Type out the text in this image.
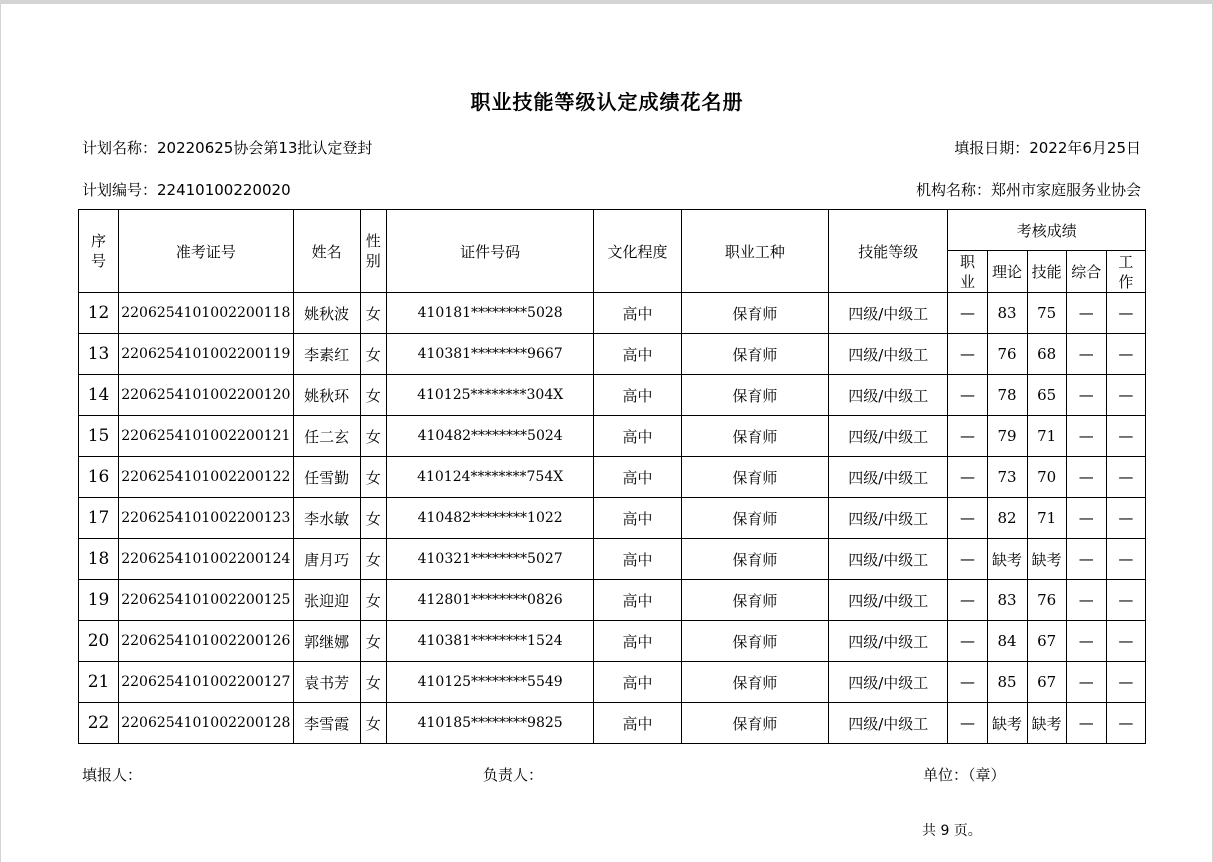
职业技能等级认定成绩花名册
计划名称：20220625协会第13批认定登封	填报日期：2022年6月25日
计划编号：22410100220020	机构名称：郑州市家庭服务业协会
序号	准考证号	姓名	性别	证件号码	文化程度	职业工种	技能等级	考核成绩				
								职业	理论	技能	综合	工作
12	2206254101002200118	姚秋波	女	410181********5028	高中	保育师	四级/中级工	—	83	75	—	—
13	2206254101002200119	李素红	女	410381********9667	高中	保育师	四级/中级工	—	76	68	—	—
14	2206254101002200120	姚秋环	女	410125********304X	高中	保育师	四级/中级工	—	78	65	—	—
15	2206254101002200121	任二玄	女	410482********5024	高中	保育师	四级/中级工	—	79	71	—	—
16	2206254101002200122	任雪勤	女	410124********754X	高中	保育师	四级/中级工	—	73	70	—	—
17	2206254101002200123	李水敏	女	410482********1022	高中	保育师	四级/中级工	—	82	71	—	—
18	2206254101002200124	唐月巧	女	410321********5027	高中	保育师	四级/中级工	—	缺考	缺考	—	—
19	2206254101002200125	张迎迎	女	412801********0826	高中	保育师	四级/中级工	—	83	76	—	—
20	2206254101002200126	郭继娜	女	410381********1524	高中	保育师	四级/中级工	—	84	67	—	—
21	2206254101002200127	袁书芳	女	410125********5549	高中	保育师	四级/中级工	—	85	67	—	—
22	2206254101002200128	李雪霞	女	410185********9825	高中	保育师	四级/中级工	—	缺考	缺考	—	—
填报人：	负责人：	单位：（章）
共 9 页。
